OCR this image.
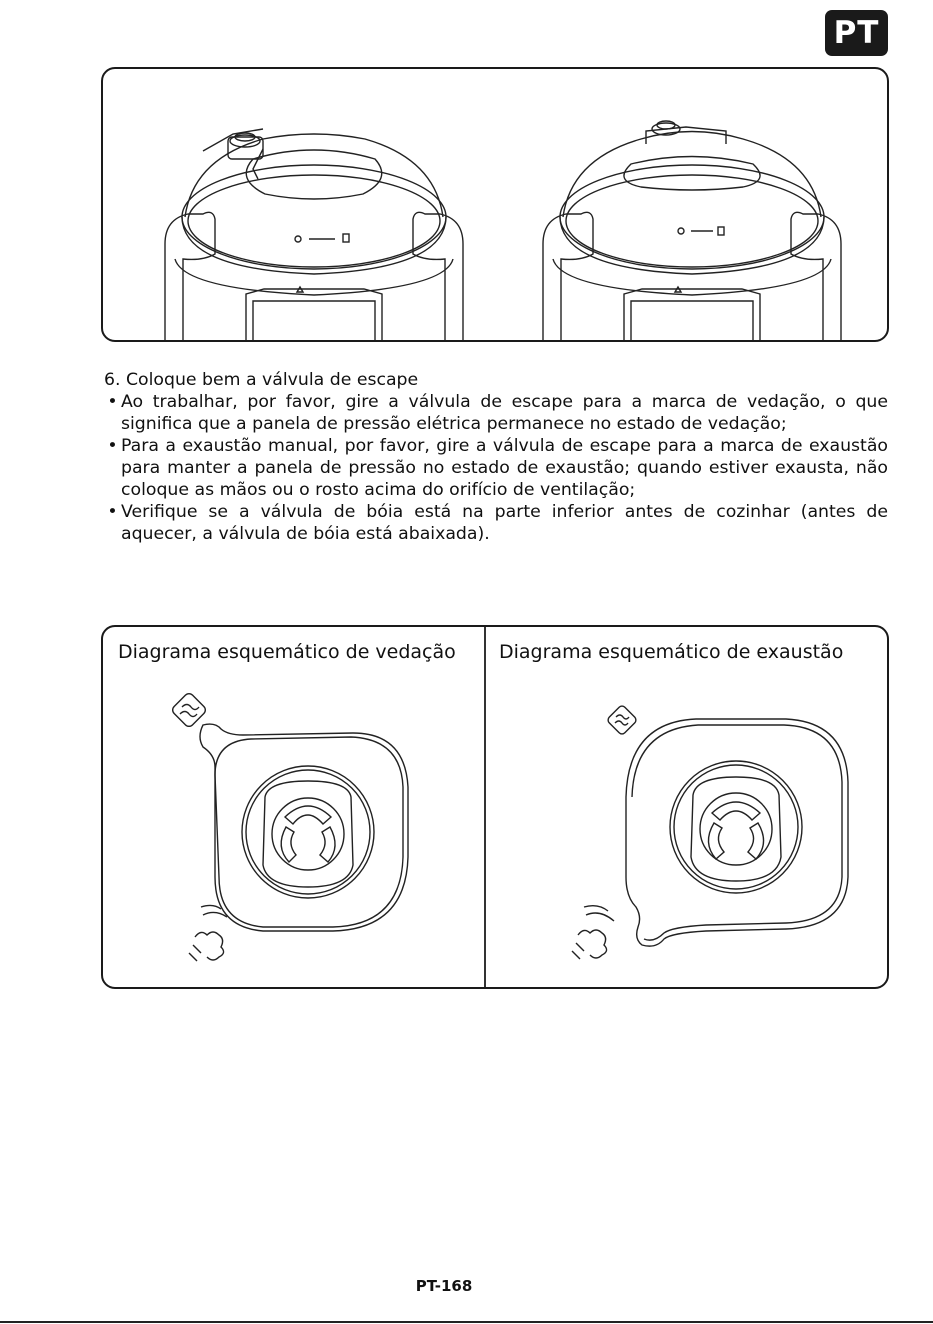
PT

6. Coloque bem a válvula de escape

• Ao trabalhar, por favor, gire a válvula de escape para a marca de vedação, o que significa que a panela de pressão elétrica permanece no estado de vedação;
• Para a exaustão manual, por favor, gire a válvula de escape para a marca de exaustão para manter a panela de pressão no estado de exaustão; quando estiver exausta, não coloque as mãos ou o rosto acima do orifício de ventilação;
• Verifique se a válvula de bóia está na parte inferior antes de cozinhar (antes de aquecer, a válvula de bóia está abaixada).
Diagrama esquemático de vedação Diagrama esquemático de exaustão
PT-168
